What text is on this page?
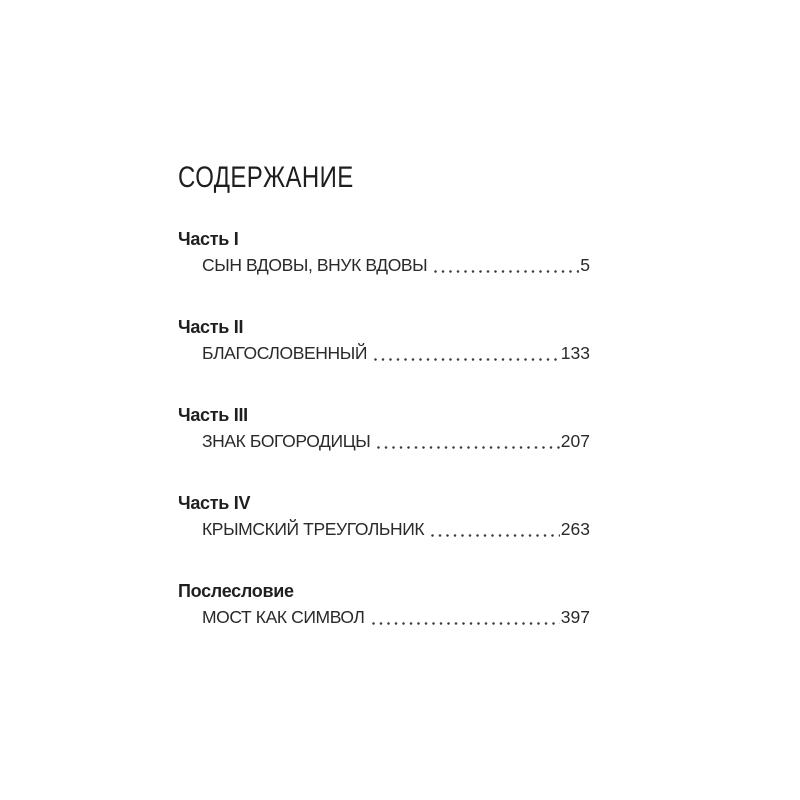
СОДЕРЖАНИЕ
Часть I
СЫН ВДОВЫ, ВНУК ВДОВЫ	5
Часть II
БЛАГОСЛОВЕННЫЙ	133
Часть III
ЗНАК БОГОРОДИЦЫ	207
Часть IV
КРЫМСКИЙ ТРЕУГОЛЬНИК	263
Послесловие
МОСТ КАК СИМВОЛ	397
